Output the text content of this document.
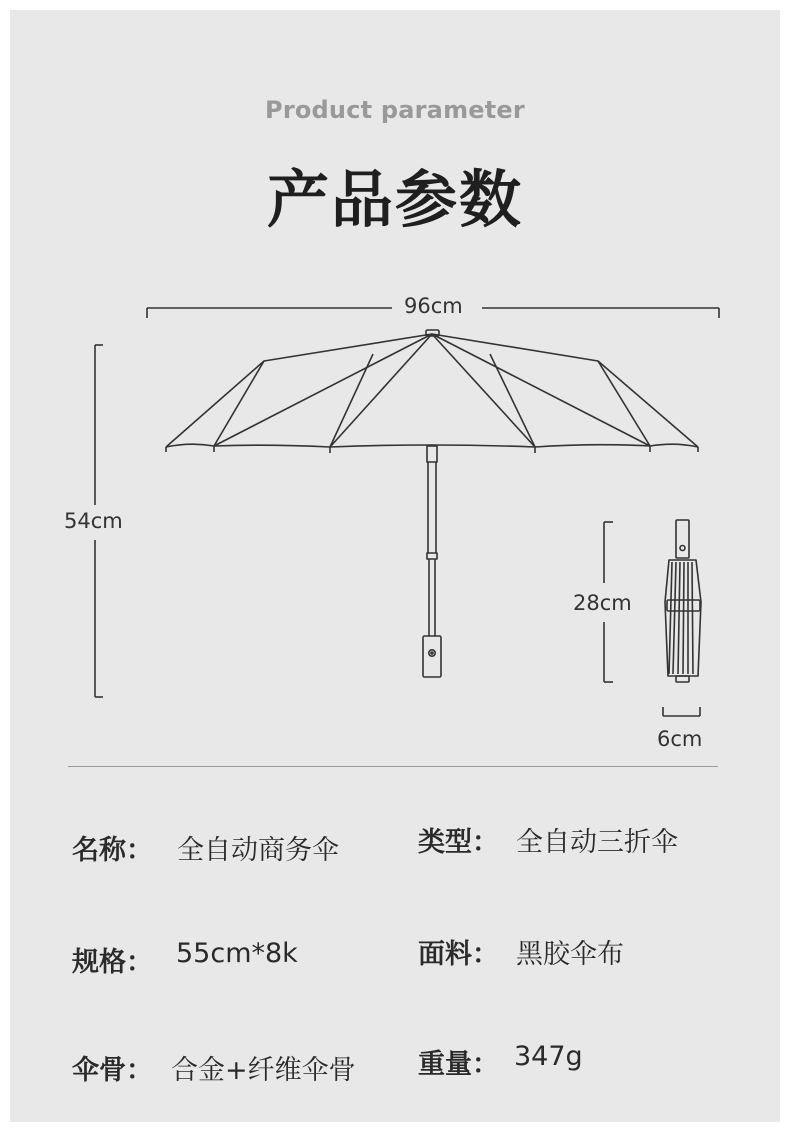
Product parameter
产品参数
96cm
54cm
28cm
6cm
名称： 全自动商务伞	类型： 全自动三折伞
规格： 55cm*8k	面料： 黑胶伞布
伞骨： 合金+纤维伞骨 重量： 347g
